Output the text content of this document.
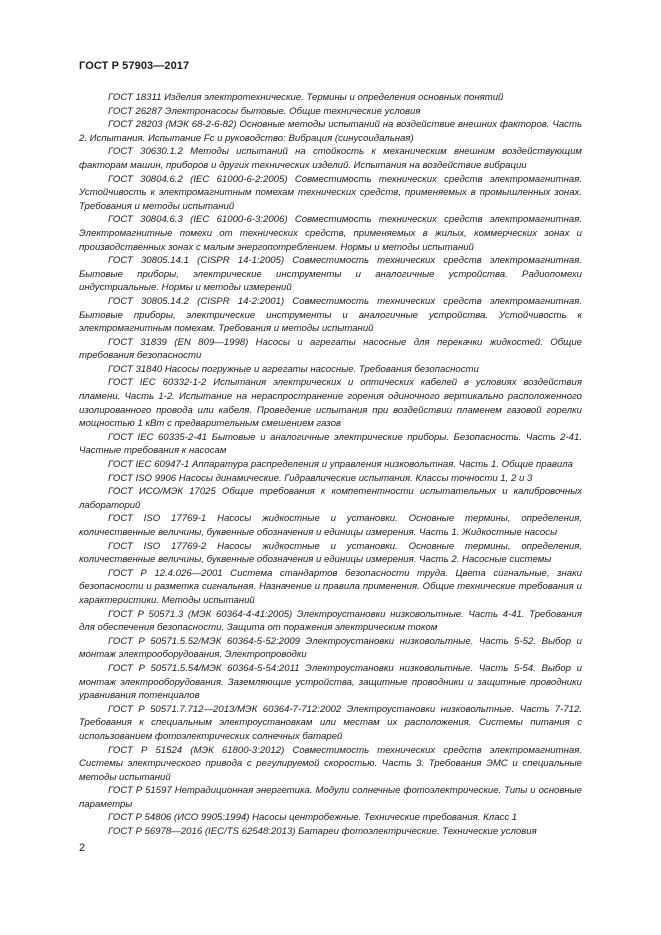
ГОСТ Р 57903—2017

ГОСТ 18311 Изделия электротехнические. Термины и определения основных понятий

ГОСТ 26287 Электронасосы бытовые. Общие технические условия

ГОСТ 28203 (МЭК 68-2-6-82) Основные методы испытаний на воздействие внешних факторов. Часть 2. Испытания. Испытание Fc и руководство: Вибрация (синусоидальная)

ГОСТ 30630.1.2 Методы испытаний на стойкость к механическим внешним воздействующим факторам машин, приборов и других технических изделий. Испытания на воздействие вибрации

ГОСТ 30804.6.2 (IEC 61000-6-2:2005) Совместимость технических средств электромагнитная. Устойчивость к электромагнитным помехам технических средств, применяемых в промышленных зонах. Требования и методы испытаний

ГОСТ 30804.6.3 (IEC 61000-6-3:2006) Совместимость технических средств электромагнитная. Электромагнитные помехи от технических средств, применяемых в жилых, коммерческих зонах и производственных зонах с малым энергопотреблением. Нормы и методы испытаний

ГОСТ 30805.14.1 (CISPR 14-1:2005) Совместимость технических средств электромагнитная. Бытовые приборы, электрические инструменты и аналогичные устройства. Радиопомехи индустриальные. Нормы и методы измерений

ГОСТ 30805.14.2 (CISPR 14-2:2001) Совместимость технических средств электромагнитная. Бытовые приборы, электрические инструменты и аналогичные устройства. Устойчивость к электромагнитным помехам. Требования и методы испытаний

ГОСТ 31839 (EN 809—1998) Насосы и агрегаты насосные для перекачки жидкостей. Общие требования безопасности

ГОСТ 31840 Насосы погружные и агрегаты насосные. Требования безопасности

ГОСТ IEC 60332-1-2 Испытания электрических и оптических кабелей в условиях воздействия пламени. Часть 1-2. Испытание на нераспространение горения одиночного вертикально расположенного изолированного провода или кабеля. Проведение испытания при воздействии пламенем газовой горелки мощностью 1 кВт с предварительным смешением газов

ГОСТ IEC 60335-2-41 Бытовые и аналогичные электрические приборы. Безопасность. Часть 2-41. Частные требования к насосам

ГОСТ IEC 60947-1 Аппаратура распределения и управления низковольтная. Часть 1. Общие правила

ГОСТ ISO 9906 Насосы динамические. Гидравлические испытания. Классы точности 1, 2 и 3

ГОСТ ИСО/МЭК 17025 Общие требования к компетентности испытательных и калибровочных лабораторий

ГОСТ ISO 17769-1 Насосы жидкостные и установки. Основные термины, определения, количественные величины, буквенные обозначения и единицы измерения. Часть 1. Жидкостные насосы

ГОСТ ISO 17769-2 Насосы жидкостные и установки. Основные термины, определения, количественные величины, буквенные обозначения и единицы измерения. Часть 2. Насосные системы

ГОСТ Р 12.4.026—2001 Система стандартов безопасности труда. Цвета сигнальные, знаки безопасности и разметка сигнальная. Назначение и правила применения. Общие технические требования и характеристики. Методы испытаний

ГОСТ Р 50571.3 (МЭК 60364-4-41:2005) Электроустановки низковольтные. Часть 4-41. Требования для обеспечения безопасности. Защита от поражения электрическим током

ГОСТ Р 50571.5.52/МЭК 60364-5-52:2009 Электроустановки низковольтные. Часть 5-52. Выбор и монтаж электрооборудования. Электропроводки

ГОСТ Р 50571.5.54/МЭК 60364-5-54:2011 Электроустановки низковольтные. Часть 5-54. Выбор и монтаж электрооборудования. Заземляющие устройства, защитные проводники и защитные проводники уравнивания потенциалов

ГОСТ Р 50571.7.712—2013/МЭК 60364-7-712:2002 Электроустановки низковольтные. Часть 7-712. Требования к специальным электроустановкам или местам их расположения. Системы питания с использованием фотоэлектрических солнечных батарей

ГОСТ Р 51524 (МЭК 61800-3:2012) Совместимость технических средств электромагнитная. Системы электрического привода с регулируемой скоростью. Часть 3. Требования ЭМС и специальные методы испытаний

ГОСТ Р 51597 Нетрадиционная энергетика. Модули солнечные фотоэлектрические. Типы и основные параметры

ГОСТ Р 54806 (ИСО 9905:1994) Насосы центробежные. Технические требования. Класс 1

ГОСТ Р 56978—2016 (IEC/TS 62548:2013) Батареи фотоэлектрические. Технические условия

2
